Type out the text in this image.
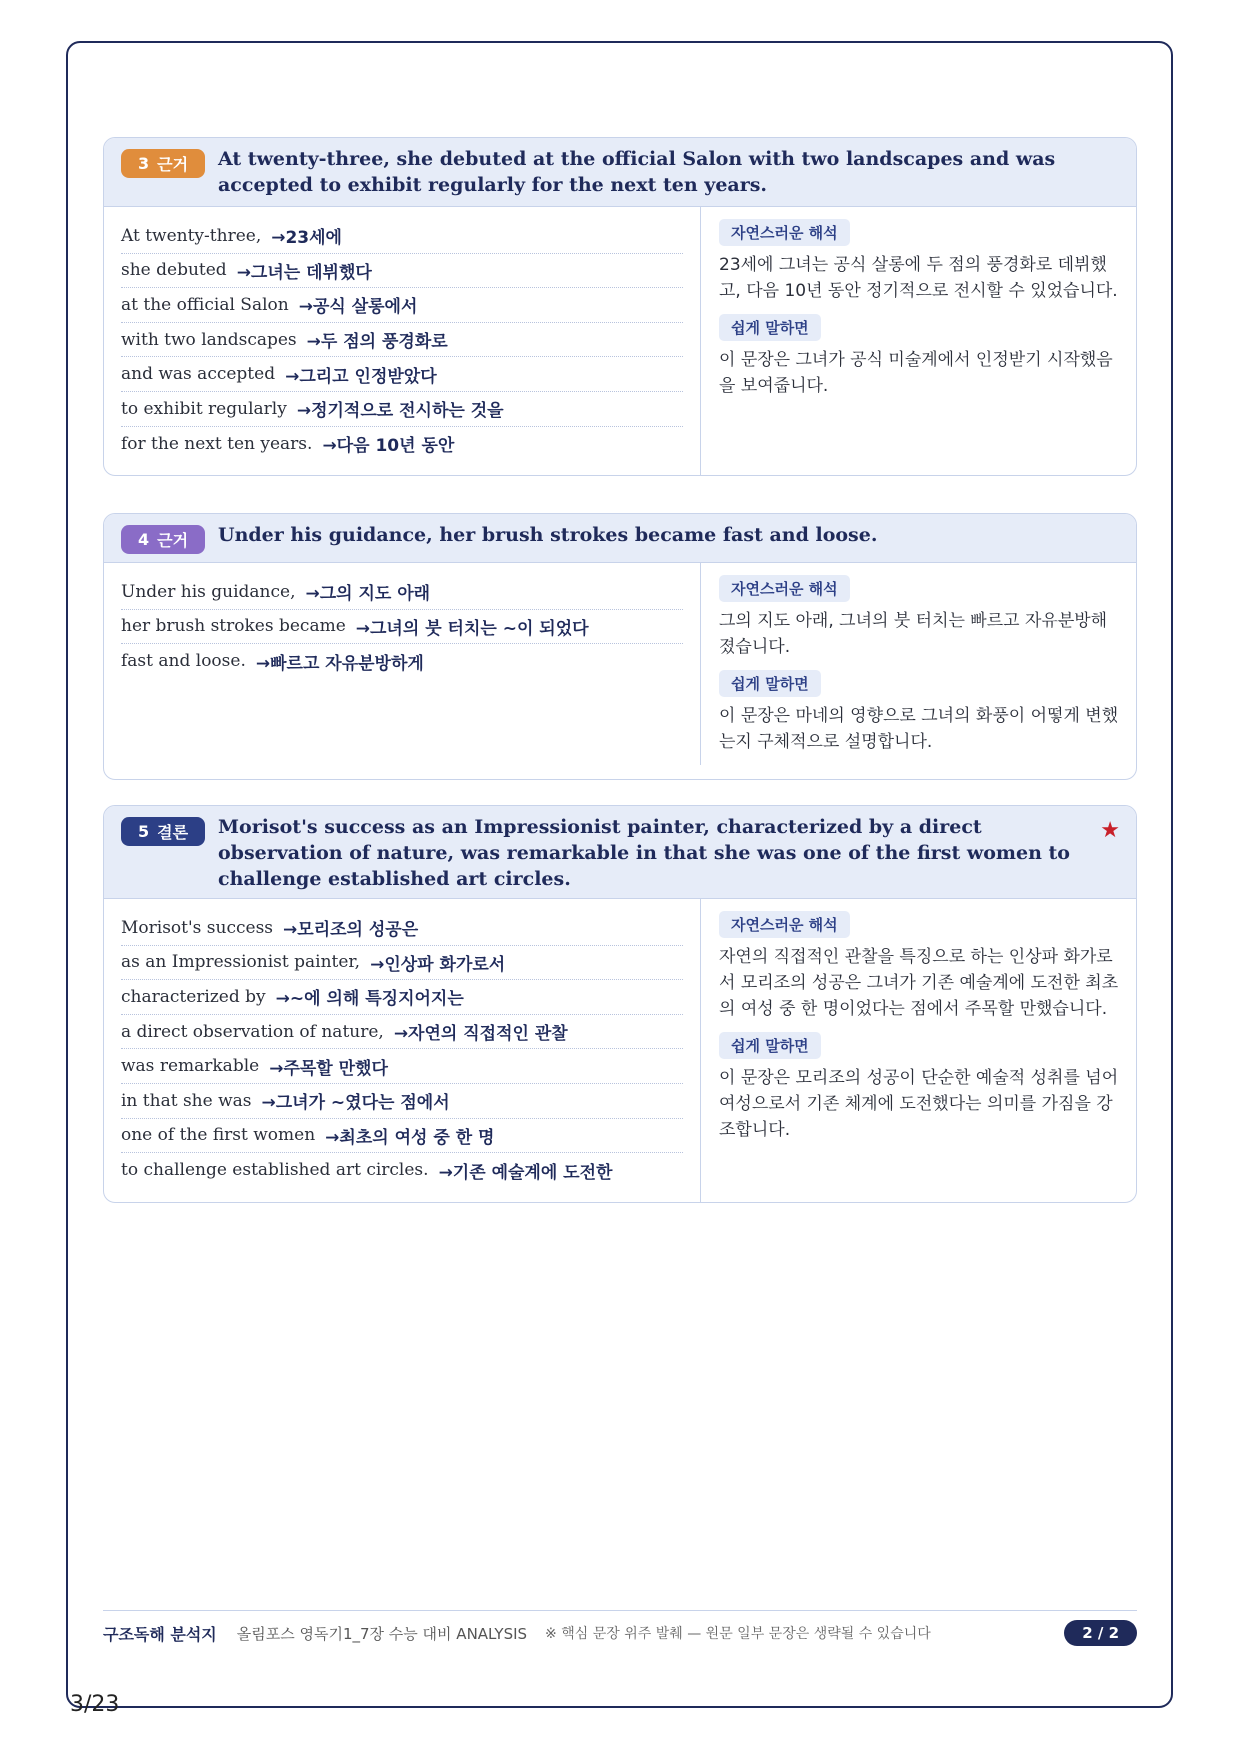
3 근거 At twenty-three, she debuted at the official Salon with two landscapes and was accepted to exhibit regularly for the next ten years.

At twenty-three, →23세에
she debuted →그녀는 데뷔했다
at the official Salon →공식 살롱에서
with two landscapes →두 점의 풍경화로
and was accepted →그리고 인정받았다
to exhibit regularly →정기적으로 전시하는 것을
for the next ten years. →다음 10년 동안
자연스러운 해석

23세에 그녀는 공식 살롱에 두 점의 풍경화로 데뷔했고, 다음 10년 동안 정기적으로 전시할 수 있었습니다.

쉽게 말하면

이 문장은 그녀가 공식 미술계에서 인정받기 시작했음을 보여줍니다.

4 근거 Under his guidance, her brush strokes became fast and loose.

Under his guidance, →그의 지도 아래
her brush strokes became →그녀의 붓 터치는 ~이 되었다
fast and loose. →빠르고 자유분방하게
자연스러운 해석

그의 지도 아래, 그녀의 붓 터치는 빠르고 자유분방해졌습니다.

쉽게 말하면

이 문장은 마네의 영향으로 그녀의 화풍이 어떻게 변했는지 구체적으로 설명합니다.

5 결론 Morisot's success as an Impressionist painter, characterized by a direct observation of nature, was remarkable in that she was one of the first women to challenge established art circles.

★
Morisot's success →모리조의 성공은
as an Impressionist painter, →인상파 화가로서
characterized by →~에 의해 특징지어지는
a direct observation of nature, →자연의 직접적인 관찰
was remarkable →주목할 만했다
in that she was →그녀가 ~였다는 점에서
one of the first women →최초의 여성 중 한 명
to challenge established art circles. →기존 예술계에 도전한
자연스러운 해석

자연의 직접적인 관찰을 특징으로 하는 인상파 화가로서 모리조의 성공은 그녀가 기존 예술계에 도전한 최초의 여성 중 한 명이었다는 점에서 주목할 만했습니다.

쉽게 말하면

이 문장은 모리조의 성공이 단순한 예술적 성취를 넘어 여성으로서 기존 체계에 도전했다는 의미를 가짐을 강조합니다.

구조독해 분석지 올림포스 영독기1_7장 수능 대비 ANALYSIS ※ 핵심 문장 위주 발췌 — 원문 일부 문장은 생략될 수 있습니다	2 / 2
3/23
